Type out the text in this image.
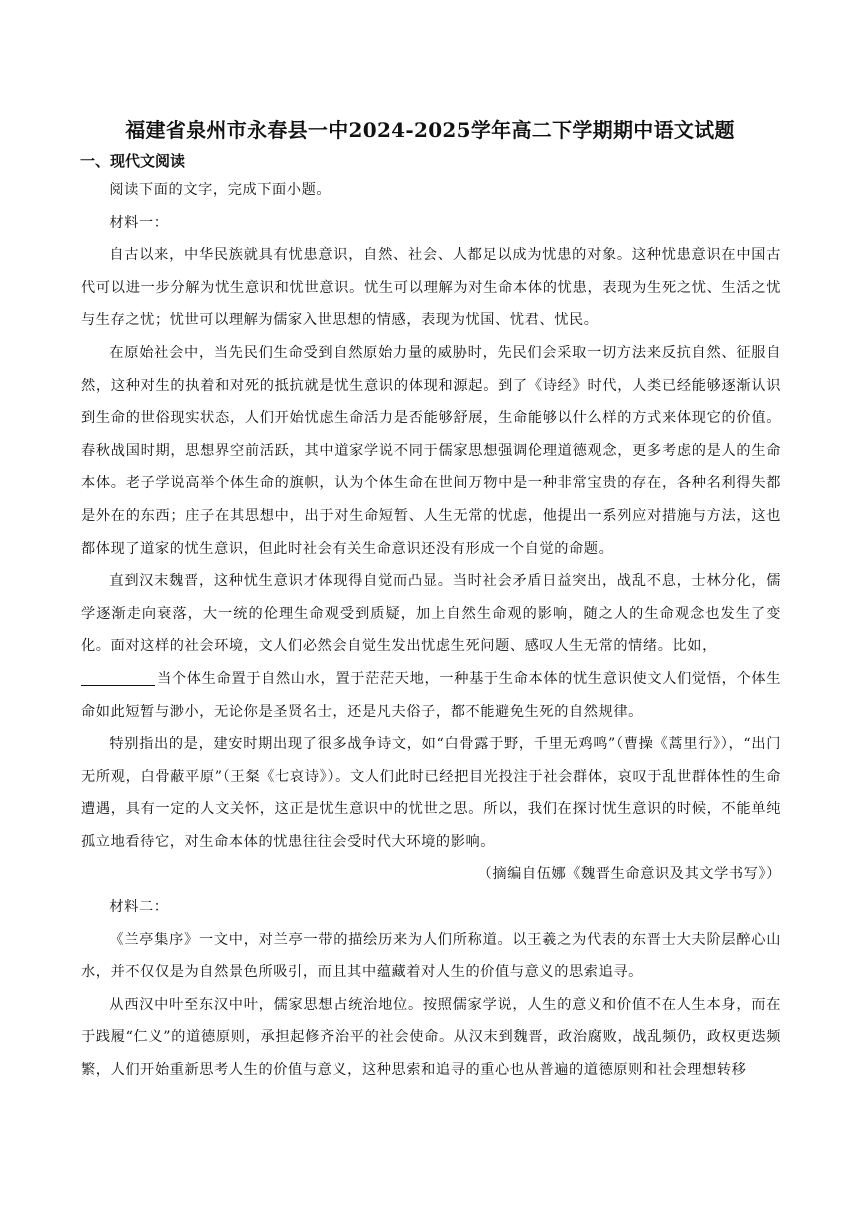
福建省泉州市永春县一中2024-2025学年高二下学期期中语文试题
一、现代文阅读

阅读下面的文字，完成下面小题。

材料一：

自古以来，中华民族就具有忧患意识，自然、社会、人都足以成为忧患的对象。这种忧患意识在中国古代可以进一步分解为忧生意识和忧世意识。忧生可以理解为对生命本体的忧患，表现为生死之忧、生活之忧与生存之忧；忧世可以理解为儒家入世思想的情感，表现为忧国、忧君、忧民。

在原始社会中，当先民们生命受到自然原始力量的威胁时，先民们会采取一切方法来反抗自然、征服自然，这种对生的执着和对死的抵抗就是忧生意识的体现和源起。到了《诗经》时代，人类已经能够逐渐认识到生命的世俗现实状态，人们开始忧虑生命活力是否能够舒展，生命能够以什么样的方式来体现它的价值。春秋战国时期，思想界空前活跃，其中道家学说不同于儒家思想强调伦理道德观念，更多考虑的是人的生命本体。老子学说高举个体生命的旗帜，认为个体生命在世间万物中是一种非常宝贵的存在，各种名利得失都是外在的东西；庄子在其思想中，出于对生命短暂、人生无常的忧虑，他提出一系列应对措施与方法，这也都体现了道家的忧生意识，但此时社会有关生命意识还没有形成一个自觉的命题。

直到汉末魏晋，这种忧生意识才体现得自觉而凸显。当时社会矛盾日益突出，战乱不息，士林分化，儒学逐渐走向衰落，大一统的伦理生命观受到质疑，加上自然生命观的影响，随之人的生命观念也发生了变化。面对这样的社会环境，文人们必然会自觉生发出忧虑生死问题、感叹人生无常的情绪。比如，
当个体生命置于自然山水，置于茫茫天地，一种基于生命本体的忧生意识使文人们觉悟，个体生命如此短暂与渺小，无论你是圣贤名士，还是凡夫俗子，都不能避免生死的自然规律。

特别指出的是，建安时期出现了很多战争诗文，如“白骨露于野，千里无鸡鸣”（曹操《蒿里行》），“出门无所观，白骨蔽平原”（王粲《七哀诗》）。文人们此时已经把目光投注于社会群体，哀叹于乱世群体性的生命遭遇，具有一定的人文关怀，这正是忧生意识中的忧世之思。所以，我们在探讨忧生意识的时候，不能单纯孤立地看待它，对生命本体的忧患往往会受时代大环境的影响。

（摘编自伍娜《魏晋生命意识及其文学书写》）

材料二：

《兰亭集序》一文中，对兰亭一带的描绘历来为人们所称道。以王羲之为代表的东晋士大夫阶层醉心山水，并不仅仅是为自然景色所吸引，而且其中蕴藏着对人生的价值与意义的思索追寻。

从西汉中叶至东汉中叶，儒家思想占统治地位。按照儒家学说，人生的意义和价值不在人生本身，而在于践履“仁义”的道德原则，承担起修齐治平的社会使命。从汉末到魏晋，政治腐败，战乱频仍，政权更迭频繁，人们开始重新思考人生的价值与意义，这种思索和追寻的重心也从普遍的道德原则和社会理想转移
